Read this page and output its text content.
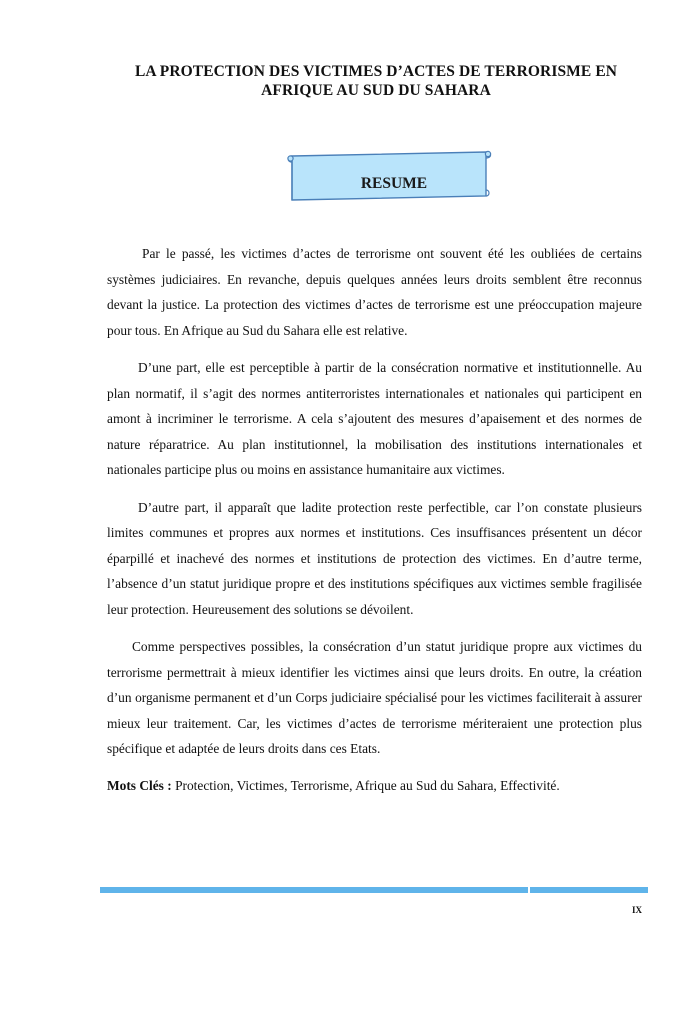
LA PROTECTION DES VICTIMES D’ACTES DE TERRORISME EN AFRIQUE AU SUD DU SAHARA
RESUME

Par le passé, les victimes d’actes de terrorisme ont souvent été les oubliées de certains systèmes judiciaires. En revanche, depuis quelques années leurs droits semblent être reconnus devant la justice. La protection des victimes d’actes de terrorisme est une préoccupation majeure pour tous. En Afrique au Sud du Sahara elle est relative.

D’une part, elle est perceptible à partir de la consécration normative et institutionnelle. Au plan normatif, il s’agit des normes antiterroristes internationales et nationales qui participent en amont à incriminer le terrorisme. A cela s’ajoutent des mesures d’apaisement et des normes de nature réparatrice. Au plan institutionnel, la mobilisation des institutions internationales et nationales participe plus ou moins en assistance humanitaire aux victimes.

D’autre part, il apparaît que ladite protection reste perfectible, car l’on constate plusieurs limites communes et propres aux normes et institutions. Ces insuffisances présentent un décor éparpillé et inachevé des normes et institutions de protection des victimes. En d’autre terme, l’absence d’un statut juridique propre et des institutions spécifiques aux victimes semble fragilisée leur protection. Heureusement des solutions se dévoilent.

Comme perspectives possibles, la consécration d’un statut juridique propre aux victimes du terrorisme permettrait à mieux identifier les victimes ainsi que leurs droits. En outre, la création d’un organisme permanent et d’un Corps judiciaire spécialisé pour les victimes faciliterait à assurer mieux leur traitement. Car, les victimes d’actes de terrorisme mériteraient une protection plus spécifique et adaptée de leurs droits dans ces Etats.

Mots Clés : Protection, Victimes, Terrorisme, Afrique au Sud du Sahara, Effectivité.
IX
